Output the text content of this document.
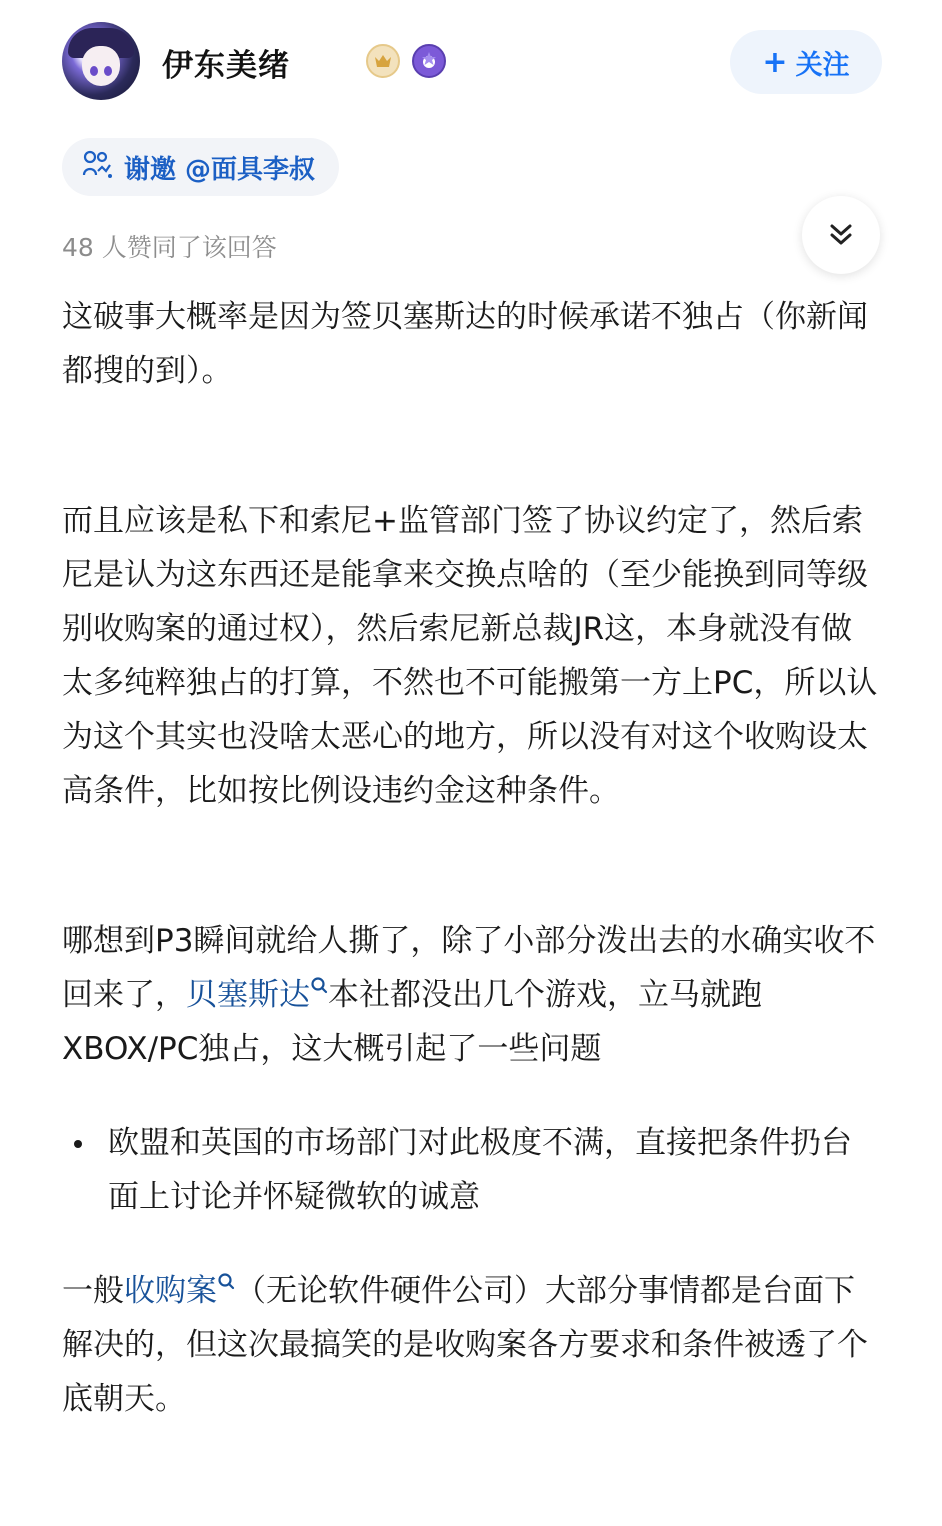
伊东美绪	+ 关注
谢邀 @面具李叔
48 人赞同了该回答

这破事大概率是因为签贝塞斯达的时候承诺不独占（你新闻都搜的到）。

而且应该是私下和索尼+监管部门签了协议约定了，然后索尼是认为这东西还是能拿来交换点啥的（至少能换到同等级别收购案的通过权），然后索尼新总裁JR这，本身就没有做太多纯粹独占的打算，不然也不可能搬第一方上PC，所以认为这个其实也没啥太恶心的地方，所以没有对这个收购设太高条件，比如按比例设违约金这种条件。

哪想到P3瞬间就给人撕了，除了小部分泼出去的水确实收不回来了，贝塞斯达 本社都没出几个游戏，立马就跑XBOX/PC独占，这大概引起了一些问题

欧盟和英国的市场部门对此极度不满，直接把条件扔台面上讨论并怀疑微软的诚意

一般收购案 （无论软件硬件公司）大部分事情都是台面下解决的，但这次最搞笑的是收购案各方要求和条件被透了个底朝天。
